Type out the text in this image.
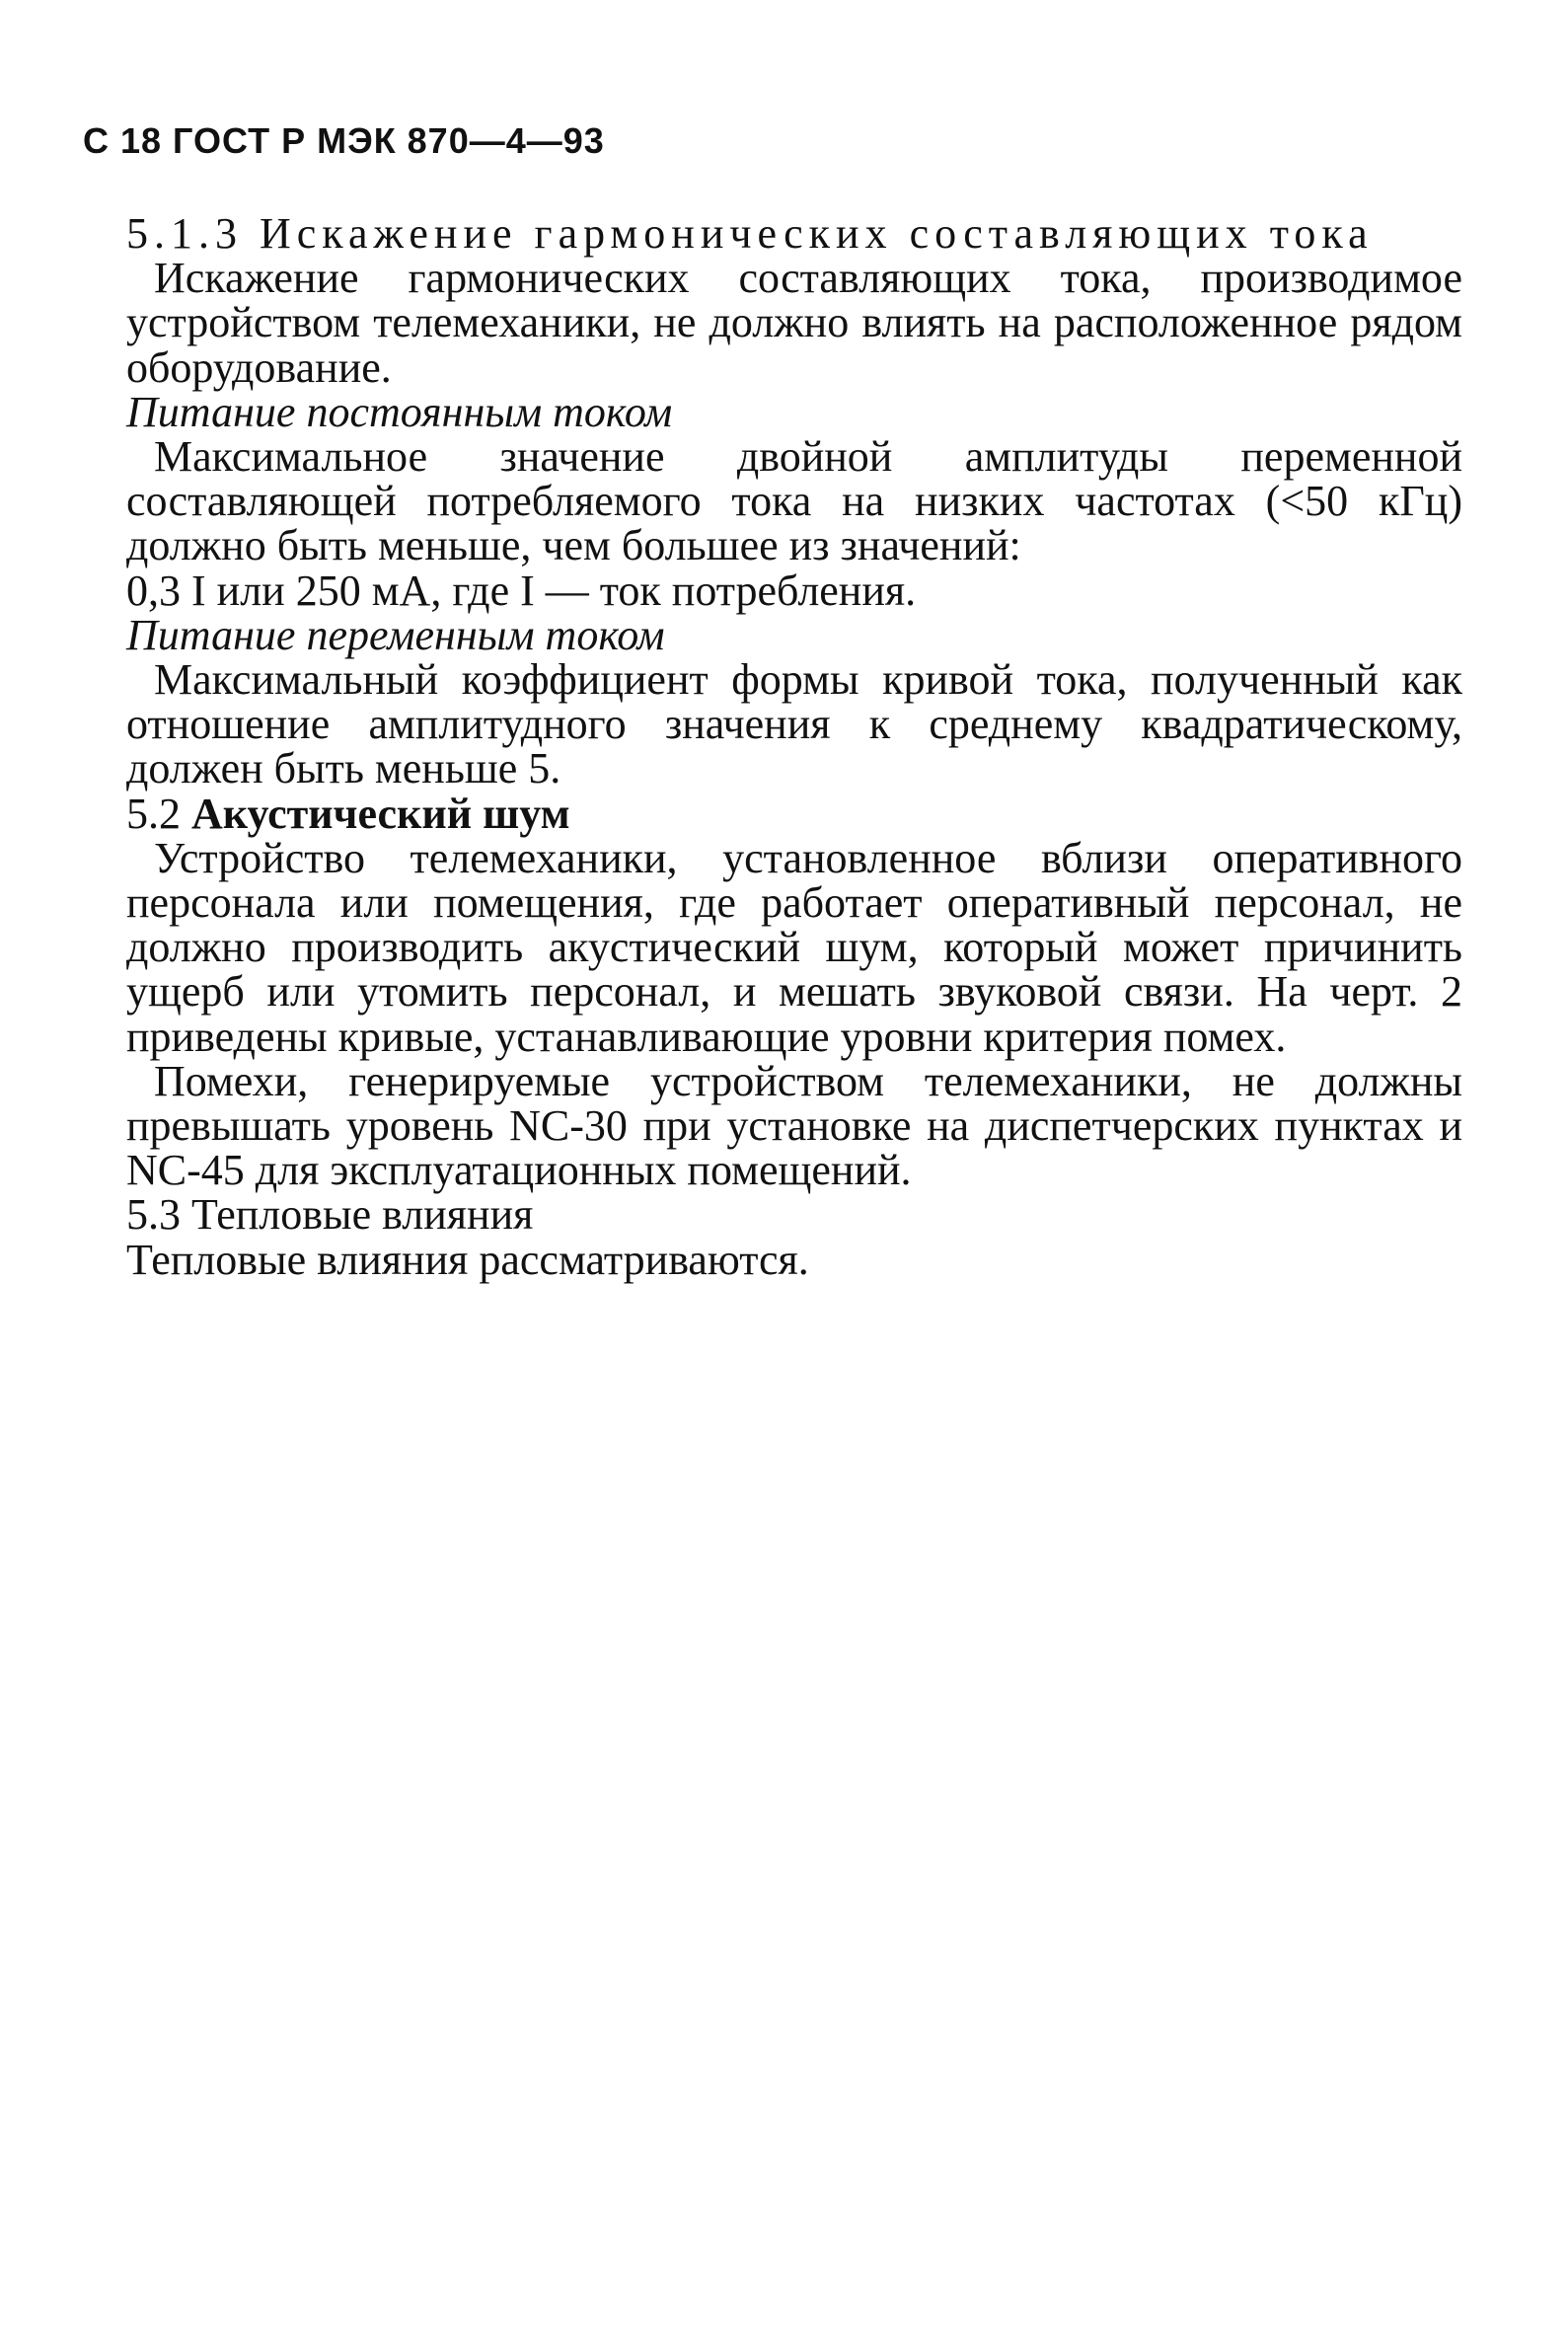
С 18 ГОСТ Р МЭК 870—4—93

5.1.3 Искажение гармонических составляющих тока

Искажение гармонических составляющих тока, производимое устройством телемеханики, не должно влиять на расположенное рядом оборудование.

Питание постоянным током

Максимальное значение двойной амплитуды переменной составляющей потребляемого тока на низких частотах (<50 кГц) должно быть меньше, чем большее из значений:

0,3 I или 250 мА, где I — ток потребления.

Питание переменным током

Максимальный коэффициент формы кривой тока, полученный как отношение амплитудного значения к среднему квадратическому, должен быть меньше 5.

5.2 Акустический шум

Устройство телемеханики, установленное вблизи оперативного персонала или помещения, где работает оперативный персонал, не должно производить акустический шум, который может причинить ущерб или утомить персонал, и мешать звуковой связи. На черт. 2 приведены кривые, устанавливающие уровни критерия помех.

Помехи, генерируемые устройством телемеханики, не должны превышать уровень NC-30 при установке на диспетчерских пунктах и NC-45 для эксплуатационных помещений.

5.3 Тепловые влияния

Тепловые влияния рассматриваются.
